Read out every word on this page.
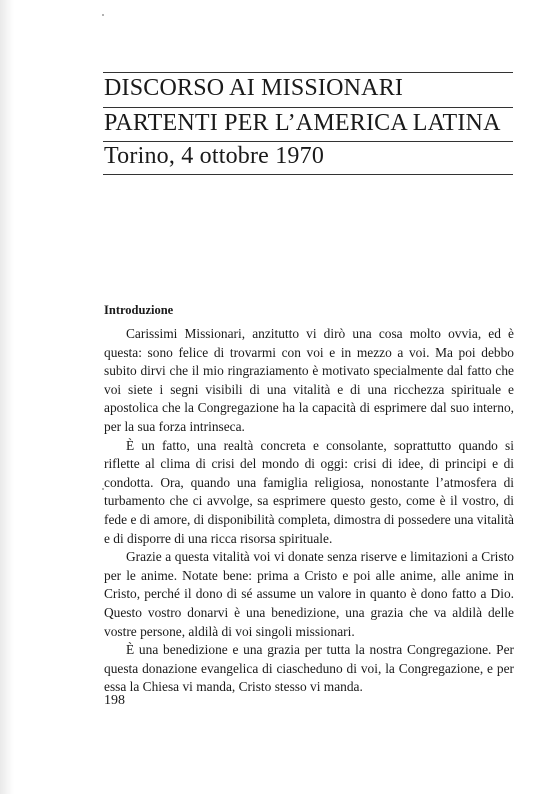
DISCORSO AI MISSIONARI
PARTENTI PER L’AMERICA LATINA
Torino, 4 ottobre 1970
Introduzione

Carissimi Missionari, anzitutto vi dirò una cosa molto ovvia, ed è questa: sono felice di trovarmi con voi e in mezzo a voi. Ma poi debbo subito dirvi che il mio ringraziamento è motivato specialmente dal fatto che voi siete i segni visibili di una vitalità e di una ricchezza spirituale e apostolica che la Congregazione ha la capacità di esprimere dal suo interno, per la sua forza intrinseca.

È un fatto, una realtà concreta e consolante, soprattutto quando si riflette al clima di crisi del mondo di oggi: crisi di idee, di principi e di condotta. Ora, quando una famiglia religiosa, nonostante l’atmosfera di turbamento che ci avvolge, sa esprimere questo gesto, come è il vostro, di fede e di amore, di disponibilità completa, dimostra di possedere una vitalità e di disporre di una ricca risorsa spirituale.

Grazie a questa vitalità voi vi donate senza riserve e limitazioni a Cristo per le anime. Notate bene: prima a Cristo e poi alle anime, alle anime in Cristo, perché il dono di sé assume un valore in quanto è dono fatto a Dio. Questo vostro donarvi è una benedizione, una grazia che va aldilà delle vostre persone, aldilà di voi singoli missionari.

È una benedizione e una grazia per tutta la nostra Congregazione. Per questa donazione evangelica di ciascheduno di voi, la Congregazione, e per essa la Chiesa vi manda, Cristo stesso vi manda.

198
